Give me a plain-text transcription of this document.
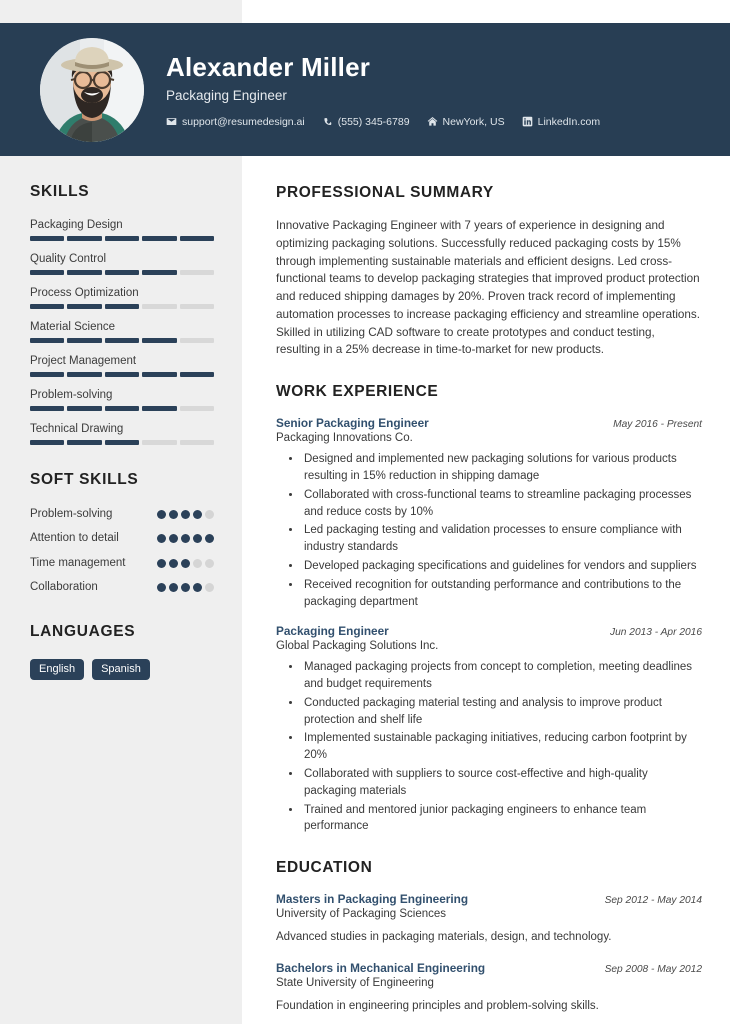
Alexander Miller
Packaging Engineer
support@resumedesign.ai	(555) 345-6789	NewYork, US	LinkedIn.com
SKILLS
Packaging Design
Quality Control
Process Optimization
Material Science
Project Management
Problem-solving
Technical Drawing
SOFT SKILLS
Problem-solving
Attention to detail
Time management
Collaboration
LANGUAGES
English	Spanish
PROFESSIONAL SUMMARY
Innovative Packaging Engineer with 7 years of experience in designing and optimizing packaging solutions. Successfully reduced packaging costs by 15% through implementing sustainable materials and efficient designs. Led cross-functional teams to develop packaging strategies that improved product protection and reduced shipping damages by 20%. Proven track record of implementing automation processes to increase packaging efficiency and streamline operations. Skilled in utilizing CAD software to create prototypes and conduct testing, resulting in a 25% decrease in time-to-market for new products.
WORK EXPERIENCE
Senior Packaging Engineer	May 2016 - Present
Packaging Innovations Co.
• Designed and implemented new packaging solutions for various products resulting in 15% reduction in shipping damage
• Collaborated with cross-functional teams to streamline packaging processes and reduce costs by 10%
• Led packaging testing and validation processes to ensure compliance with industry standards
• Developed packaging specifications and guidelines for vendors and suppliers
• Received recognition for outstanding performance and contributions to the packaging department
Packaging Engineer	Jun 2013 - Apr 2016
Global Packaging Solutions Inc.
• Managed packaging projects from concept to completion, meeting deadlines and budget requirements
• Conducted packaging material testing and analysis to improve product protection and shelf life
• Implemented sustainable packaging initiatives, reducing carbon footprint by 20%
• Collaborated with suppliers to source cost-effective and high-quality packaging materials
• Trained and mentored junior packaging engineers to enhance team performance
EDUCATION
Masters in Packaging Engineering	Sep 2012 - May 2014
University of Packaging Sciences
Advanced studies in packaging materials, design, and technology.
Bachelors in Mechanical Engineering	Sep 2008 - May 2012
State University of Engineering
Foundation in engineering principles and problem-solving skills.
